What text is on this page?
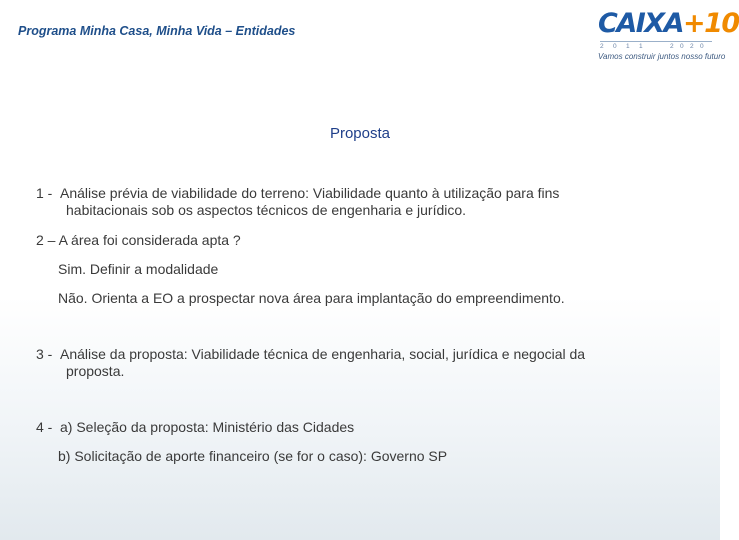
Programa Minha Casa, Minha Vida – Entidades	CAIXA+10
2 0 1 1	2 0 2 0
Vamos construir juntos nosso futuro
Proposta
1 - Análise prévia de viabilidade do terreno: Viabilidade quanto à utilização para fins
habitacionais sob os aspectos técnicos de engenharia e jurídico.
2 – A área foi considerada apta ?
Sim. Definir a modalidade
Não. Orienta a EO a prospectar nova área para implantação do empreendimento.
3 - Análise da proposta: Viabilidade técnica de engenharia, social, jurídica e negocial da
proposta.
4 - a) Seleção da proposta: Ministério das Cidades
b) Solicitação de aporte financeiro (se for o caso): Governo SP
